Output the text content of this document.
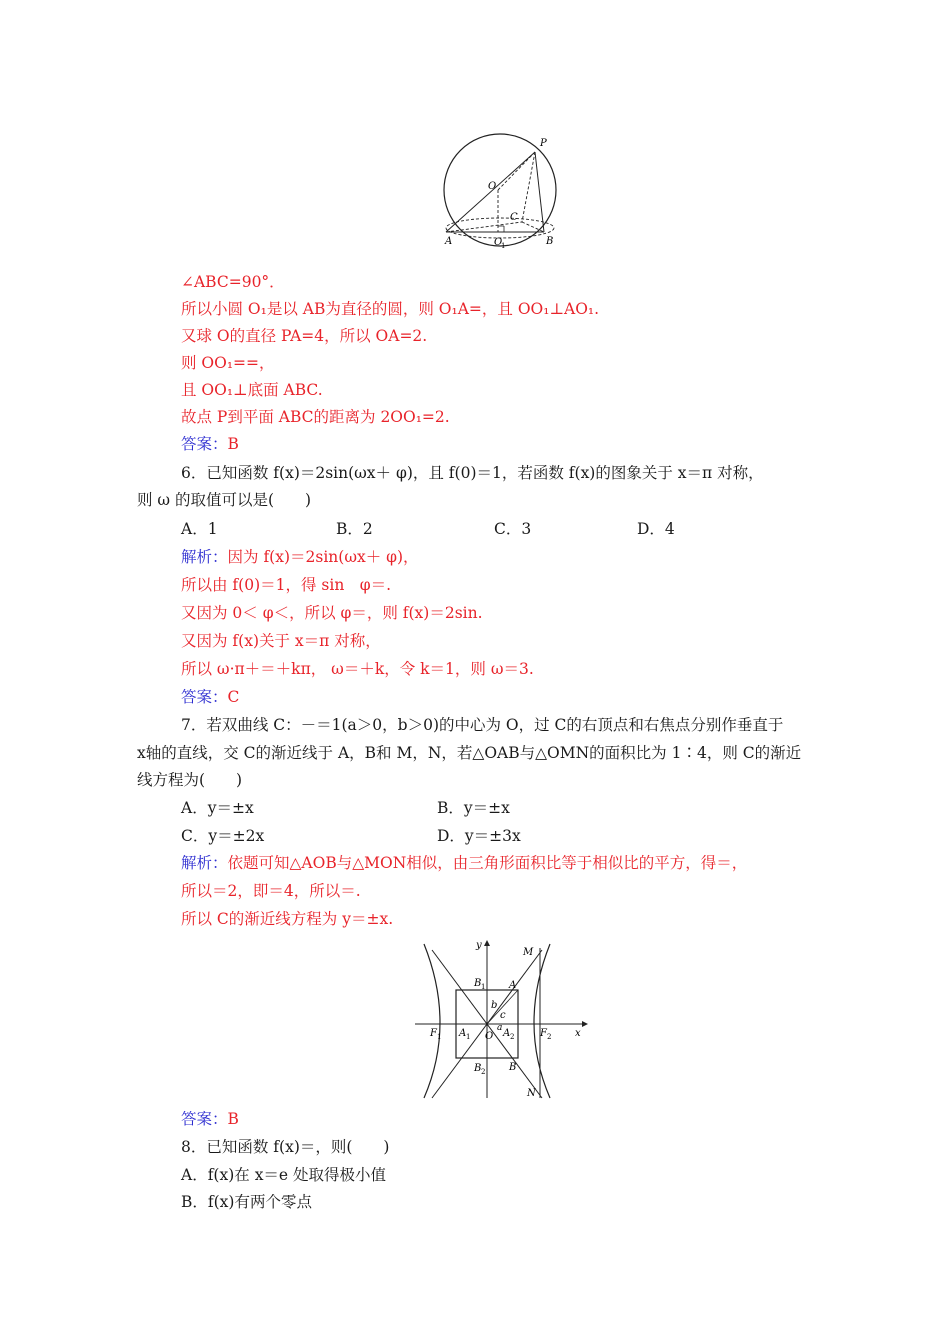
P
O
C
A	B
O
1
∠ABC=90°．
所以小圆 O₁是以 AB为直径的圆，则 O₁A=，且 OO₁⊥AO₁.
又球 O的直径 PA=4，所以 OA=2.
则 OO₁==，
且 OO₁⊥底面 ABC.
故点 P到平面 ABC的距离为 2OO₁=2.
答案：B
6．已知函数 f(x)＝2sin(ωx＋ φ)，且 f(0)＝1，若函数 f(x)的图象关于 x＝π 对称，
则 ω 的取值可以是(　　)
A．1	B．2	C．3	D．4
解析：因为 f(x)＝2sin(ωx＋ φ)，
所以由 f(0)＝1，得 sin　φ＝.
又因为 0＜ φ＜，所以 φ＝，则 f(x)＝2sin.
又因为 f(x)关于 x＝π 对称，
所以 ω·π＋＝＋kπ， ω＝＋k，令 k＝1，则 ω＝3.
答案：C
7．若双曲线 C：－＝1(a＞0，b＞0)的中心为 O，过 C的右顶点和右焦点分别作垂直于
x轴的直线，交 C的渐近线于 A，B和 M，N，若△OAB与△OMN的面积比为 1∶4，则 C的渐近
线方程为(　　)
A．y＝±x	B．y＝±x
C．y＝±2x	D．y＝±3x
解析：依题可知△AOB与△MON相似，由三角形面积比等于相似比的平方，得＝，
所以＝2，即＝4，所以＝.
所以 C的渐近线方程为 y＝±x.
y
x
M
N
A
B
B 1
B 2
A 1	A 2
F 1	F 2
O
a
b
c
答案：B
8．已知函数 f(x)＝，则(　　)
A．f(x)在 x＝e 处取得极小值
B．f(x)有两个零点
